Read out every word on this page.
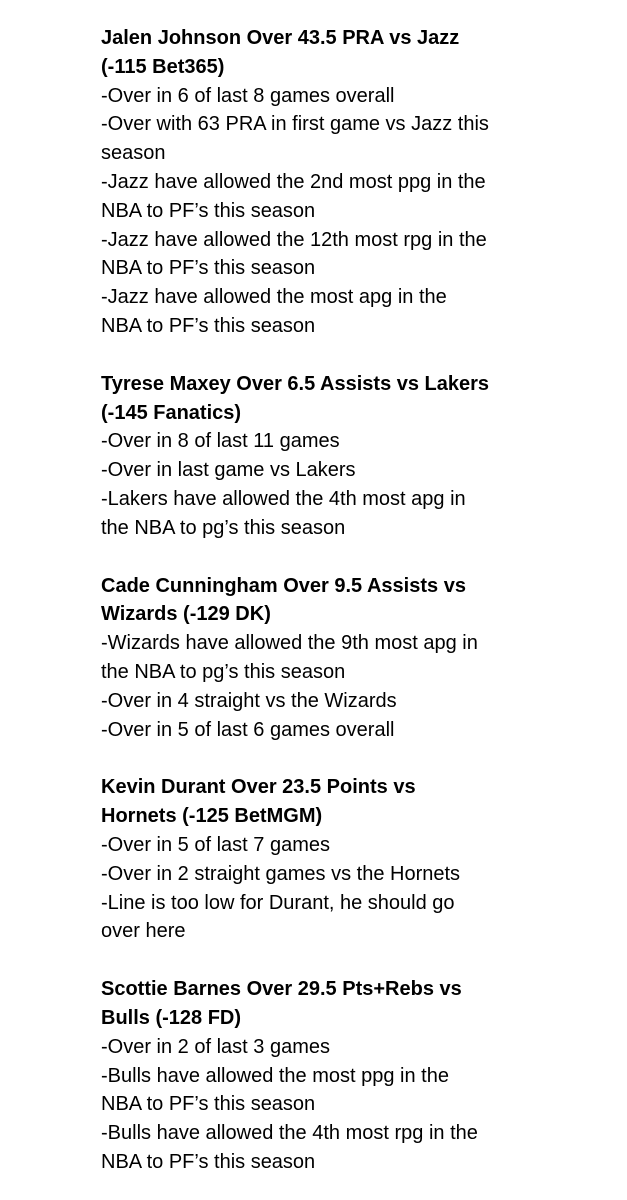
Jalen Johnson Over 43.5 PRA vs Jazz
(-115 Bet365)
-Over in 6 of last 8 games overall
-Over with 63 PRA in first game vs Jazz this
season
-Jazz have allowed the 2nd most ppg in the
NBA to PF’s this season
-Jazz have allowed the 12th most rpg in the
NBA to PF’s this season
-Jazz have allowed the most apg in the
NBA to PF’s this season
Tyrese Maxey Over 6.5 Assists vs Lakers
(-145 Fanatics)
-Over in 8 of last 11 games
-Over in last game vs Lakers
-Lakers have allowed the 4th most apg in
the NBA to pg’s this season
Cade Cunningham Over 9.5 Assists vs
Wizards (-129 DK)
-Wizards have allowed the 9th most apg in
the NBA to pg’s this season
-Over in 4 straight vs the Wizards
-Over in 5 of last 6 games overall
Kevin Durant Over 23.5 Points vs
Hornets (-125 BetMGM)
-Over in 5 of last 7 games
-Over in 2 straight games vs the Hornets
-Line is too low for Durant, he should go
over here
Scottie Barnes Over 29.5 Pts+Rebs vs
Bulls (-128 FD)
-Over in 2 of last 3 games
-Bulls have allowed the most ppg in the
NBA to PF’s this season
-Bulls have allowed the 4th most rpg in the
NBA to PF’s this season
